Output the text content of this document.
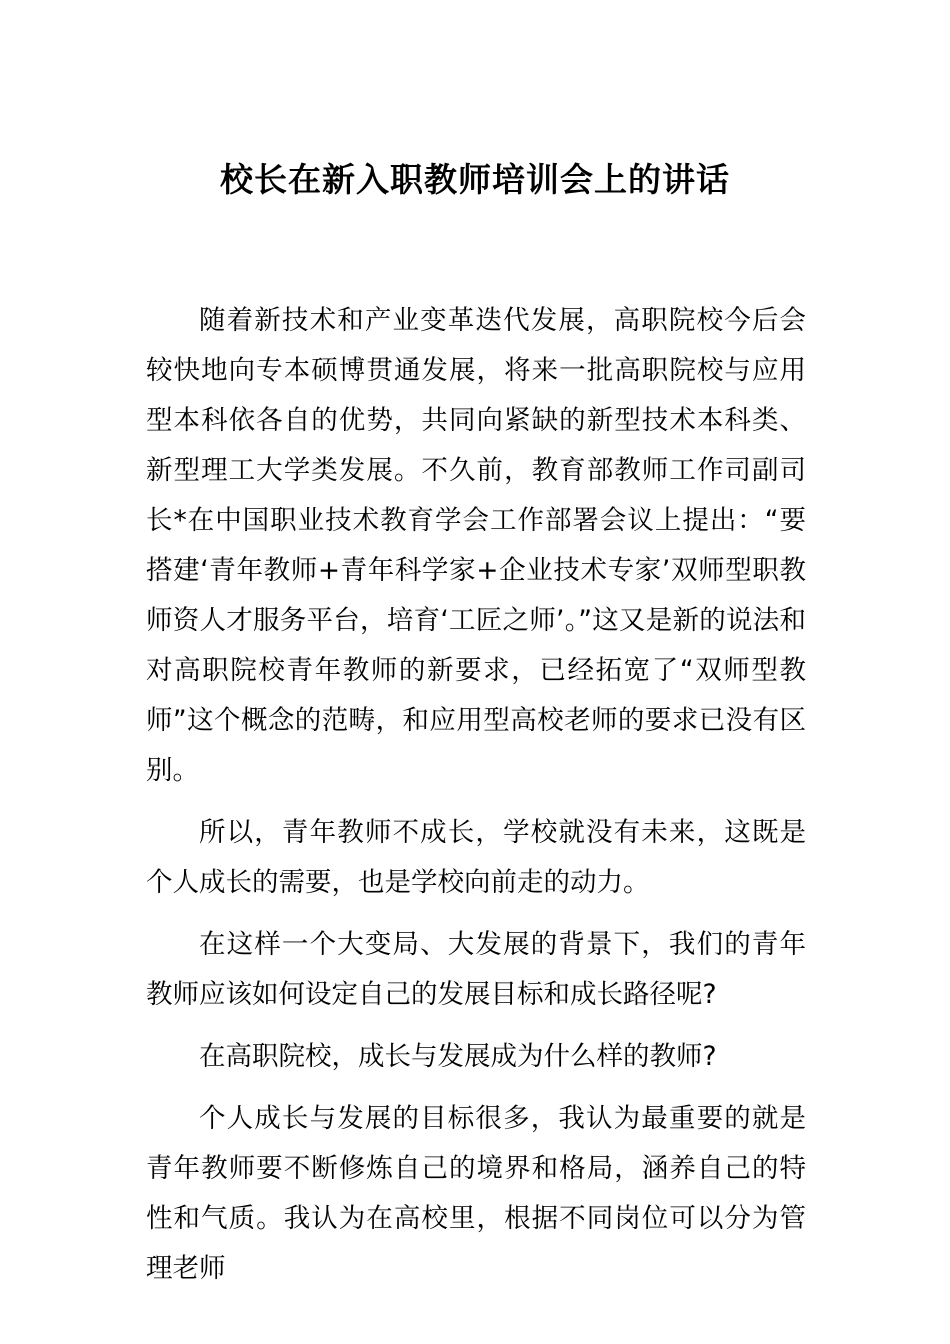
校长在新入职教师培训会上的讲话

随着新技术和产业变革迭代发展，高职院校今后会较快地向专本硕博贯通发展，将来一批高职院校与应用型本科依各自的优势，共同向紧缺的新型技术本科类、新型理工大学类发展。不久前，教育部教师工作司副司长*在中国职业技术教育学会工作部署会议上提出：“要搭建‘青年教师+青年科学家+企业技术专家’双师型职教师资人才服务平台，培育‘工匠之师’。”这又是新的说法和对高职院校青年教师的新要求，已经拓宽了“双师型教师”这个概念的范畴，和应用型高校老师的要求已没有区别。

所以，青年教师不成长，学校就没有未来，这既是个人成长的需要，也是学校向前走的动力。

在这样一个大变局、大发展的背景下，我们的青年教师应该如何设定自己的发展目标和成长路径呢?

在高职院校，成长与发展成为什么样的教师?

个人成长与发展的目标很多，我认为最重要的就是青年教师要不断修炼自己的境界和格局，涵养自己的特性和气质。我认为在高校里，根据不同岗位可以分为管理老师
